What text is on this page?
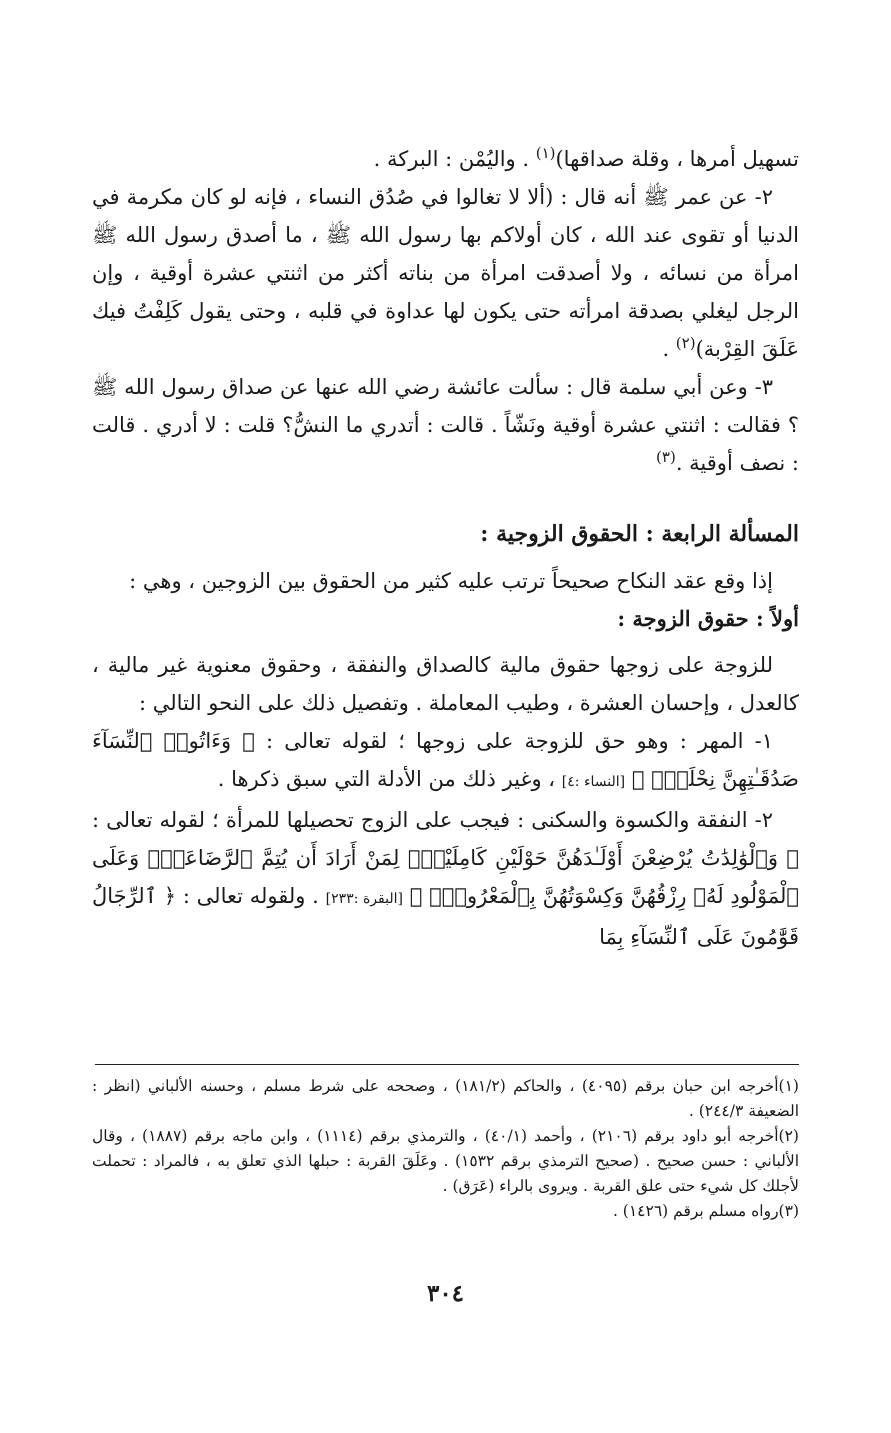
تسهيل أمرها ، وقلة صداقها)$^{(١)}$ . واليُمْن : البركة .

٢- عن عمر ﷺ أنه قال : (ألا لا تغالوا في صُدُق النساء ، فإنه لو كان مكرمة في الدنيا أو تقوى عند الله ، كان أولاكم بها رسول الله ﷺ ، ما أصدق رسول الله ﷺ امرأة من نسائه ، ولا أصدقت امرأة من بناته أكثر من اثنتي عشرة أوقية ، وإن الرجل ليغلي بصدقة امرأته حتى يكون لها عداوة في قلبه ، وحتى يقول كَلِفْتُ فيك عَلَقَ القِرْبة)$^{(٢)}$ .

٣- وعن أبي سلمة قال : سألت عائشة رضي الله عنها عن صداق رسول الله ﷺ ؟ فقالت : اثنتي عشرة أوقية ونَشّاً . قالت : أتدري ما النشُّ؟ قلت : لا أدري . قالت : نصف أوقية .$^{(٣)}$

المسألة الرابعة : الحقوق الزوجية :

إذا وقع عقد النكاح صحيحاً ترتب عليه كثير من الحقوق بين الزوجين ، وهي :

أولاً : حقوق الزوجة :

للزوجة على زوجها حقوق مالية كالصداق والنفقة ، وحقوق معنوية غير مالية ، كالعدل ، وإحسان العشرة ، وطيب المعاملة . وتفصيل ذلك على النحو التالي :

١- المهر : وهو حق للزوجة على زوجها ؛ لقوله تعالى : ﴿ وَءَاتُوا۟ ٱلنِّسَآءَ صَدُقَـٰتِهِنَّ نِحْلَةًۚ ﴾ [النساء :٤] ، وغير ذلك من الأدلة التي سبق ذكرها .

٢- النفقة والكسوة والسكنى : فيجب على الزوج تحصيلها للمرأة ؛ لقوله تعالى : ﴿ وَٱلْوَٰلِدَٰتُ يُرْضِعْنَ أَوْلَـٰدَهُنَّ حَوْلَيْنِ كَامِلَيْنِۖ لِمَنْ أَرَادَ أَن يُتِمَّ ٱلرَّضَاعَةَۚ وَعَلَى ٱلْمَوْلُودِ لَهُۥ رِزْقُهُنَّ وَكِسْوَتُهُنَّ بِٱلْمَعْرُوفِۚ ﴾ [البقرة :٢٣٣] . ولقوله تعالى : ﴿ ٱلرِّجَالُ قَوَّٰمُونَ عَلَى ٱلنِّسَآءِ بِمَا

(١)أخرجه ابن حبان برقم (٤٠٩٥) ، والحاكم (١٨١/٢) ، وصححه على شرط مسلم ، وحسنه الألباني (انظر : الضعيفة ٢٤٤/٣) .

(٢)أخرجه أبو داود برقم (٢١٠٦) ، وأحمد (٤٠/١) ، والترمذي برقم (١١١٤) ، وابن ماجه برقم (١٨٨٧) ، وقال الألباني : حسن صحيح . (صحيح الترمذي برقم ١٥٣٢) . وعَلَقَ القربة : حبلها الذي تعلق به ، فالمراد : تحملت لأجلك كل شيء حتى علق القربة . ويروى بالراء (عَرَق) .

(٣)رواه مسلم برقم (١٤٢٦) .

٣٠٤
